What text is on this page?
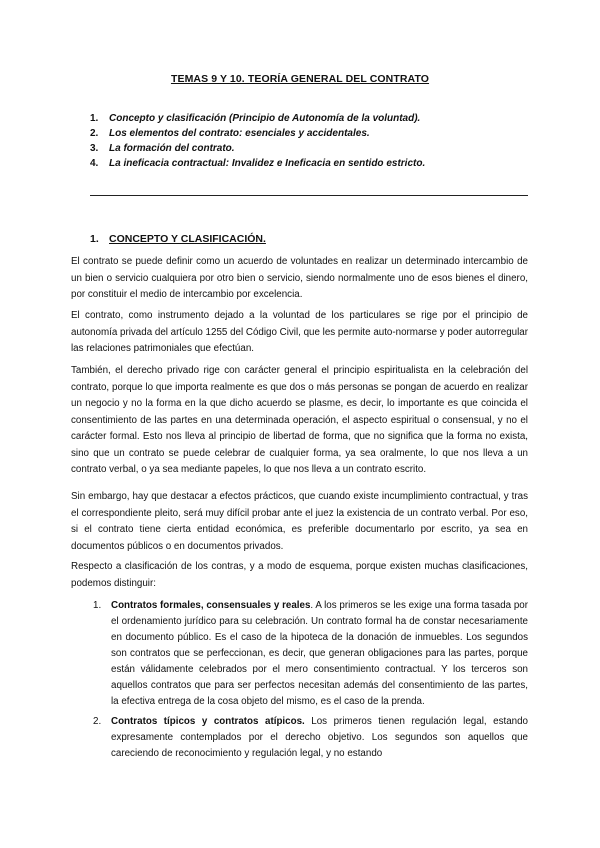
TEMAS 9 Y 10. TEORÍA GENERAL DEL CONTRATO
1. Concepto y clasificación (Principio de Autonomía de la voluntad).
2. Los elementos del contrato: esenciales y accidentales.
3. La formación del contrato.
4. La ineficacia contractual: Invalidez e Ineficacia en sentido estricto.
1. CONCEPTO Y CLASIFICACIÓN.

El contrato se puede definir como un acuerdo de voluntades en realizar un determinado intercambio de un bien o servicio cualquiera por otro bien o servicio, siendo normalmente uno de esos bienes el dinero, por constituir el medio de intercambio por excelencia.

El contrato, como instrumento dejado a la voluntad de los particulares se rige por el principio de autonomía privada del artículo 1255 del Código Civil, que les permite auto-normarse y poder autorregular las relaciones patrimoniales que efectúan.

También, el derecho privado rige con carácter general el principio espiritualista en la celebración del contrato, porque lo que importa realmente es que dos o más personas se pongan de acuerdo en realizar un negocio y no la forma en la que dicho acuerdo se plasme, es decir, lo importante es que coincida el consentimiento de las partes en una determinada operación, el aspecto espiritual o consensual, y no el carácter formal. Esto nos lleva al principio de libertad de forma, que no significa que la forma no exista, sino que un contrato se puede celebrar de cualquier forma, ya sea oralmente, lo que nos lleva a un contrato verbal, o ya sea mediante papeles, lo que nos lleva a un contrato escrito.

Sin embargo, hay que destacar a efectos prácticos, que cuando existe incumplimiento contractual, y tras el correspondiente pleito, será muy difícil probar ante el juez la existencia de un contrato verbal. Por eso, si el contrato tiene cierta entidad económica, es preferible documentarlo por escrito, ya sea en documentos públicos o en documentos privados.

Respecto a clasificación de los contras, y a modo de esquema, porque existen muchas clasificaciones, podemos distinguir:

1. Contratos formales, consensuales y reales. A los primeros se les exige una forma tasada por el ordenamiento jurídico para su celebración. Un contrato formal ha de constar necesariamente en documento público. Es el caso de la hipoteca de la donación de inmuebles. Los segundos son contratos que se perfeccionan, es decir, que generan obligaciones para las partes, porque están válidamente celebrados por el mero consentimiento contractual. Y los terceros son aquellos contratos que para ser perfectos necesitan además del consentimiento de las partes, la efectiva entrega de la cosa objeto del mismo, es el caso de la prenda.
2. Contratos típicos y contratos atípicos. Los primeros tienen regulación legal, estando expresamente contemplados por el derecho objetivo. Los segundos son aquellos que careciendo de reconocimiento y regulación legal, y no estando
